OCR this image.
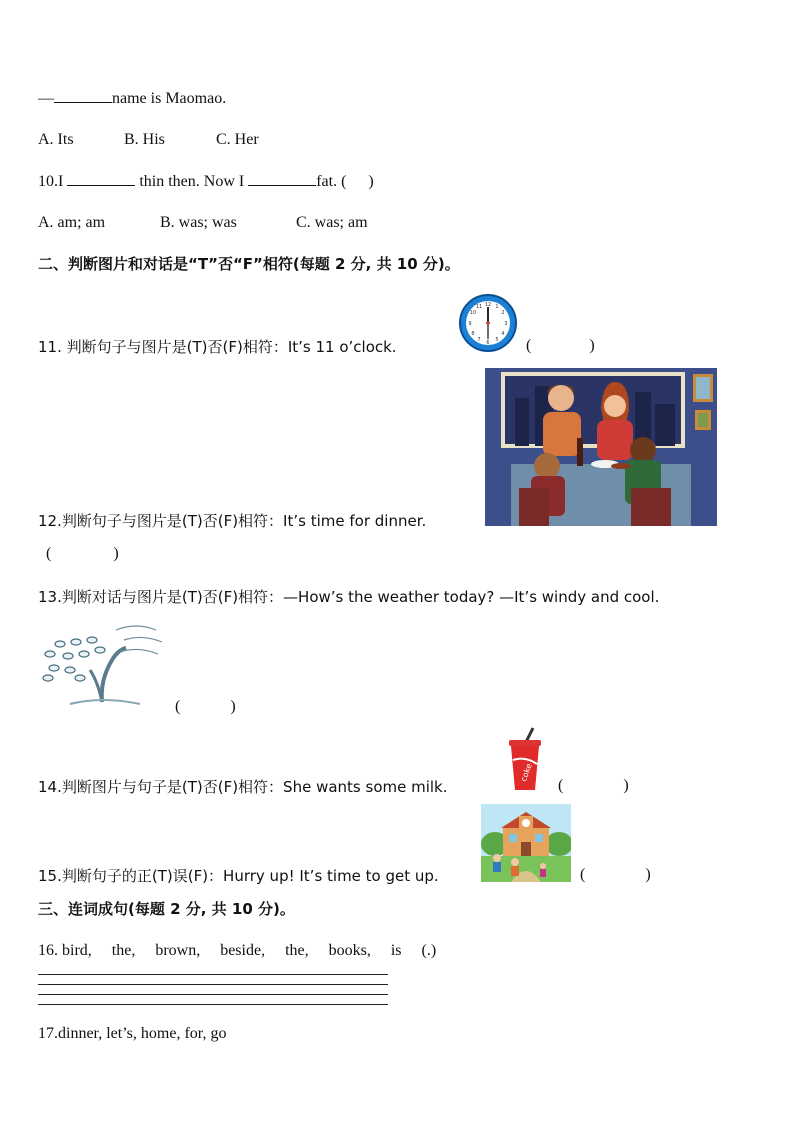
—	name is Maomao.
A. Its	B. His	C. Her
10.I	thin then. Now I	fat. ( )
A. am; am	B. was; was	C. was; am
二、判断图片和对话是“T”否“F”相符(每题 2 分, 共 10 分)。
12 1
2
3
4
5
6
7
8
9
10
11
11. 判断句子与图片是(T)否(F)相符：It’s 11 o’clock.	(	)
12.判断句子与图片是(T)否(F)相符：It’s time for dinner.
(	)
13.判断对话与图片是(T)否(F)相符：—How’s the weather today? —It’s windy and cool.
(	)
coke
14.判断图片与句子是(T)否(F)相符：She wants some milk.	(	)
15.判断句子的正(T)误(F)：Hurry up! It’s time to get up.	(	)
三、连词成句(每题 2 分, 共 10 分)。
16. bird,     the,     brown,     beside,     the,     books,     is     (.)
17.dinner, let’s, home, for, go
